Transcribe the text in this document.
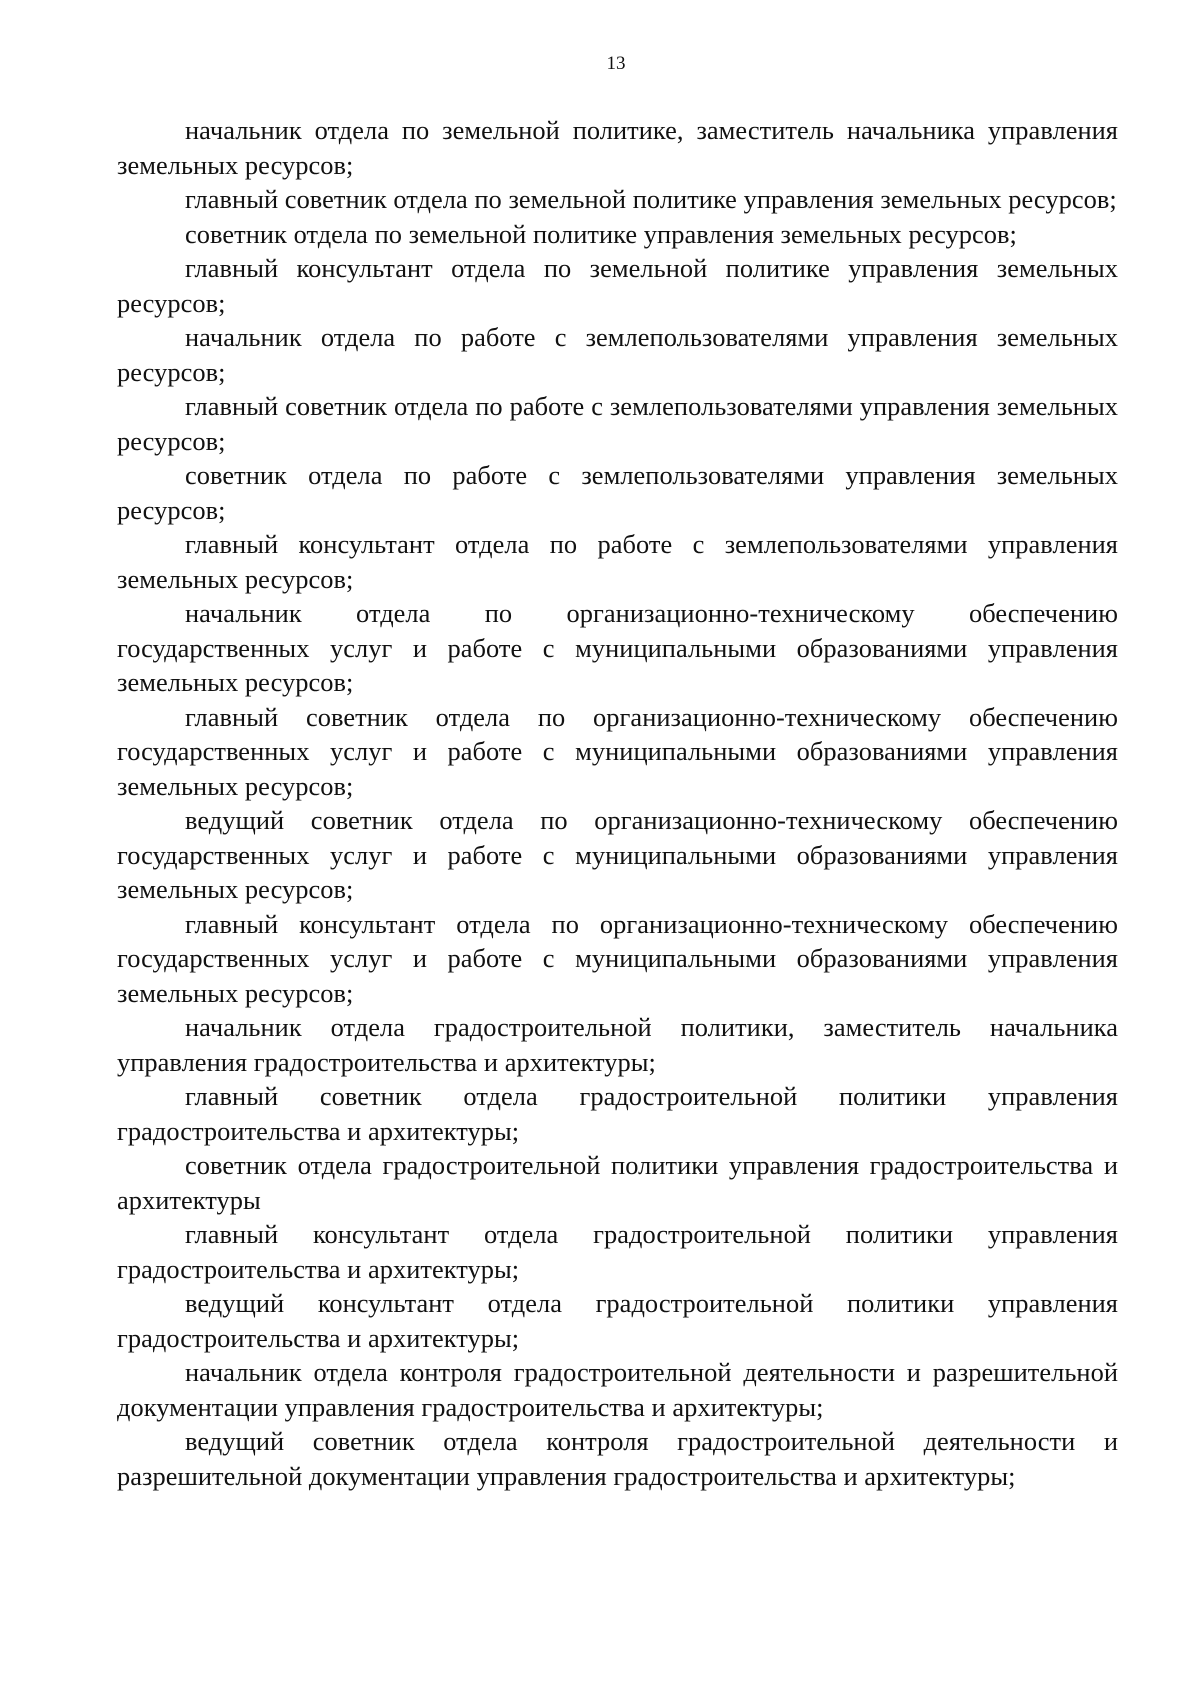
13

начальник отдела по земельной политике, заместитель начальника управления земельных ресурсов;

главный советник отдела по земельной политике управления земельных ресурсов;

советник отдела по земельной политике управления земельных ресурсов;

главный консультант отдела по земельной политике управления земельных ресурсов;

начальник отдела по работе с землепользователями управления земельных ресурсов;

главный советник отдела по работе с землепользователями управления земельных ресурсов;

советник отдела по работе с землепользователями управления земельных ресурсов;

главный консультант отдела по работе с землепользователями управления земельных ресурсов;

начальник отдела по организационно-техническому обеспечению государственных услуг и работе с муниципальными образованиями управления земельных ресурсов;

главный советник отдела по организационно-техническому обеспечению государственных услуг и работе с муниципальными образованиями управления земельных ресурсов;

ведущий советник отдела по организационно-техническому обеспечению государственных услуг и работе с муниципальными образованиями управления земельных ресурсов;

главный консультант отдела по организационно-техническому обеспечению государственных услуг и работе с муниципальными образованиями управления земельных ресурсов;

начальник отдела градостроительной политики, заместитель начальника управления градостроительства и архитектуры;

главный советник отдела градостроительной политики управления градостроительства и архитектуры;

советник отдела градостроительной политики управления градостроительства и архитектуры

главный консультант отдела градостроительной политики управления градостроительства и архитектуры;

ведущий консультант отдела градостроительной политики управления градостроительства и архитектуры;

начальник отдела контроля градостроительной деятельности и разрешительной документации управления градостроительства и архитектуры;

ведущий советник отдела контроля градостроительной деятельности и разрешительной документации управления градостроительства и архитектуры;
